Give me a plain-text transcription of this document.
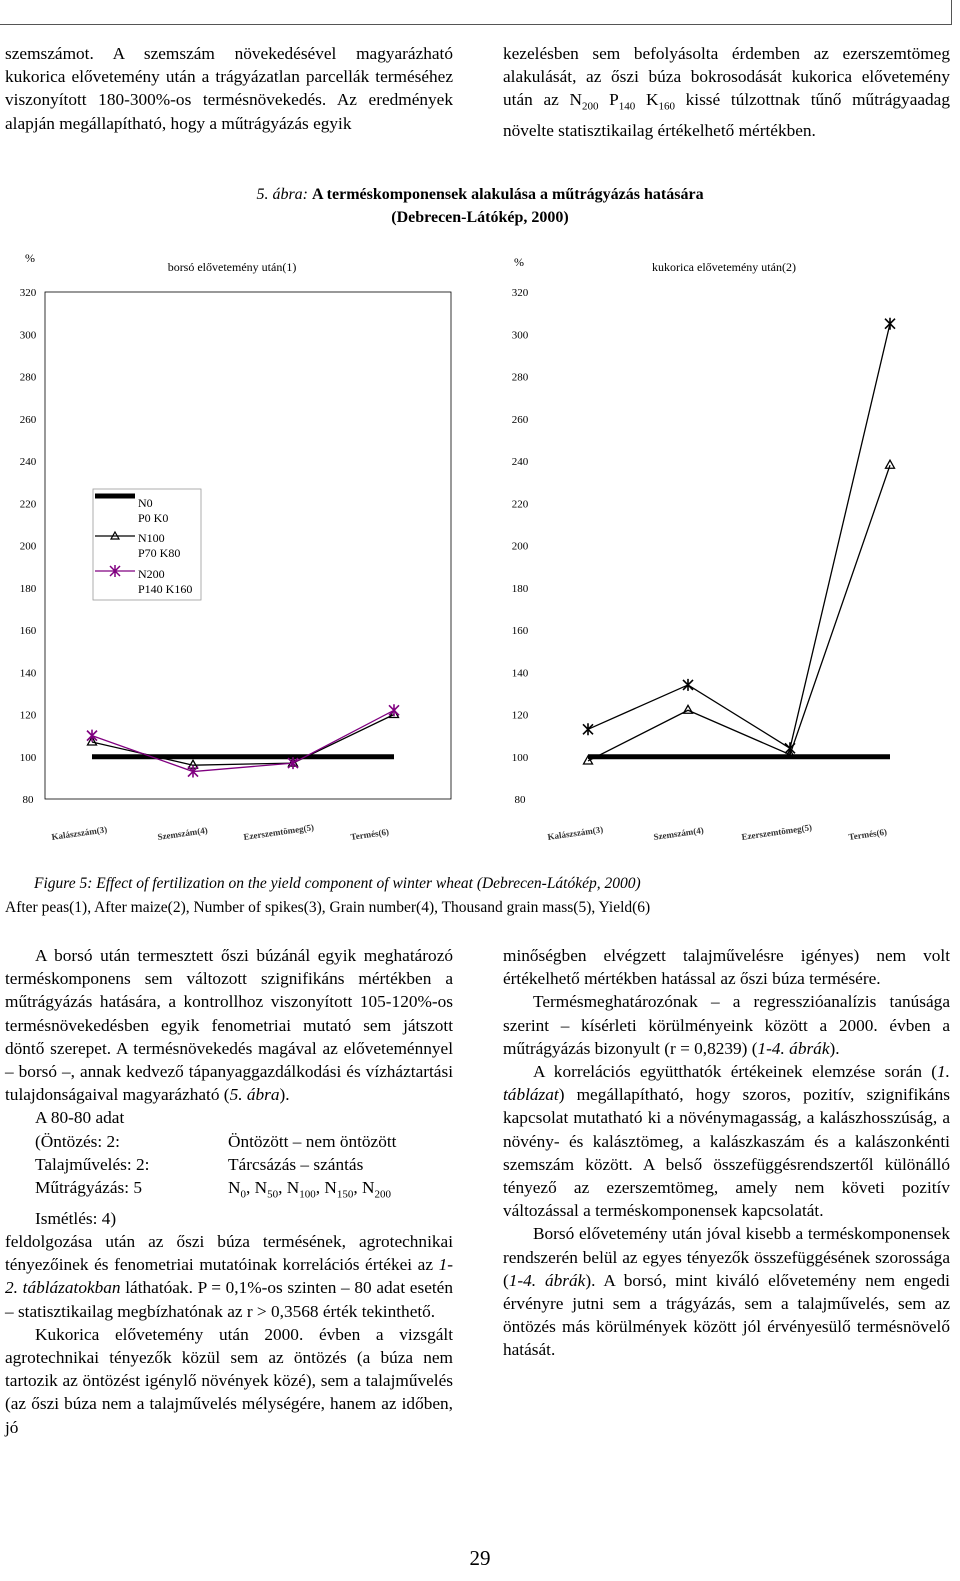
szemszámot. A szemszám növekedésével magyarázható kukorica elővetemény után a trágyázatlan parcellák terméséhez viszonyított 180-300%-os termésnövekedés. Az eredmények alapján megállapítható, hogy a műtrágyázás egyik

kezelésben sem befolyásolta érdemben az ezerszemtömeg alakulását, az őszi búza bokrosodását kukorica elővetemény után az $N_{200}$ $P_{140}$ $K_{160}$ kissé túlzottnak tűnő műtrágyaadag növelte statisztikailag értékelhető mértékben.

5. ábra: A terméskomponensek alakulása a műtrágyázás hatására
(Debrecen-Látókép, 2000)
%
borsó elővetemény után(1)
320
300
280
260
240
220
200
180
160
140
120
100
80
Kalászszám(3)	Szemszám(4)	Ezerszemtömeg(5)	Termés(6)
N0
P0 K0
N100
P70 K80
N200
P140 K160
%	kukorica elővetemény után(2)
320
300
280
260
240
220
200
180
160
140
120
100
80
Kalászszám(3)	Szemszám(4)	Ezerszemtömeg(5)	Termés(6)
Figure 5: Effect of fertilization on the yield component of winter wheat (Debrecen-Látókép, 2000)
After peas(1), After maize(2), Number of spikes(3), Grain number(4), Thousand grain mass(5), Yield(6)

A borsó után termesztett őszi búzánál egyik meghatározó terméskomponens sem változott szignifikáns mértékben a műtrágyázás hatására, a kontrollhoz viszonyított 105-120%-os termésnövekedésben egyik fenometriai mutató sem játszott döntő szerepet. A termésnövekedés magával az előveteménnyel – borsó –, annak kedvező tápanyaggazdálkodási és vízháztartási tulajdonságaival magyarázható (5. ábra).

A 80-80 adat

(Öntözés: 2:	Öntözött – nem öntözött
Talajművelés: 2:	Tárcsázás – szántás
Műtrágyázás: 5	$N_0$, $N_{50}$, $N_{100}$, $N_{150}$, $N_{200}$

Ismétlés: 4)

feldolgozása után az őszi búza termésének, agrotechnikai tényezőinek és fenometriai mutatóinak korrelációs értékei az 1-2. táblázatokban láthatóak. P = 0,1%-os szinten – 80 adat esetén – statisztikailag megbízhatónak az r > 0,3568 érték tekinthető.

Kukorica elővetemény után 2000. évben a vizsgált agrotechnikai tényezők közül sem az öntözés (a búza nem tartozik az öntözést igénylő növények közé), sem a talajművelés (az őszi búza nem a talajművelés mélységére, hanem az időben, jó

minőségben elvégzett talajművelésre igényes) nem volt értékelhető mértékben hatással az őszi búza termésére.

Termésmeghatározónak – a regresszióanalízis tanúsága szerint – kísérleti körülményeink között a 2000. évben a műtrágyázás bizonyult (r = 0,8239) (1-4. ábrák).

A korrelációs együtthatók értékeinek elemzése során (1. táblázat) megállapítható, hogy szoros, pozitív, szignifikáns kapcsolat mutatható ki a növénymagasság, a kalászhosszúság, a növény- és kalásztömeg, a kalászkaszám és a kalászonkénti szemszám között. A belső összefüggésrendszertől különálló tényező az ezerszemtömeg, amely nem követi pozitív változással a terméskomponensek kapcsolatát.

Borsó elővetemény után jóval kisebb a terméskomponensek rendszerén belül az egyes tényezők összefüggésének szorossága (1-4. ábrák). A borsó, mint kiváló elővetemény nem engedi érvényre jutni sem a trágyázás, sem a talajművelés, sem az öntözés más körülmények között jól érvényesülő termésnövelő hatását.

29
